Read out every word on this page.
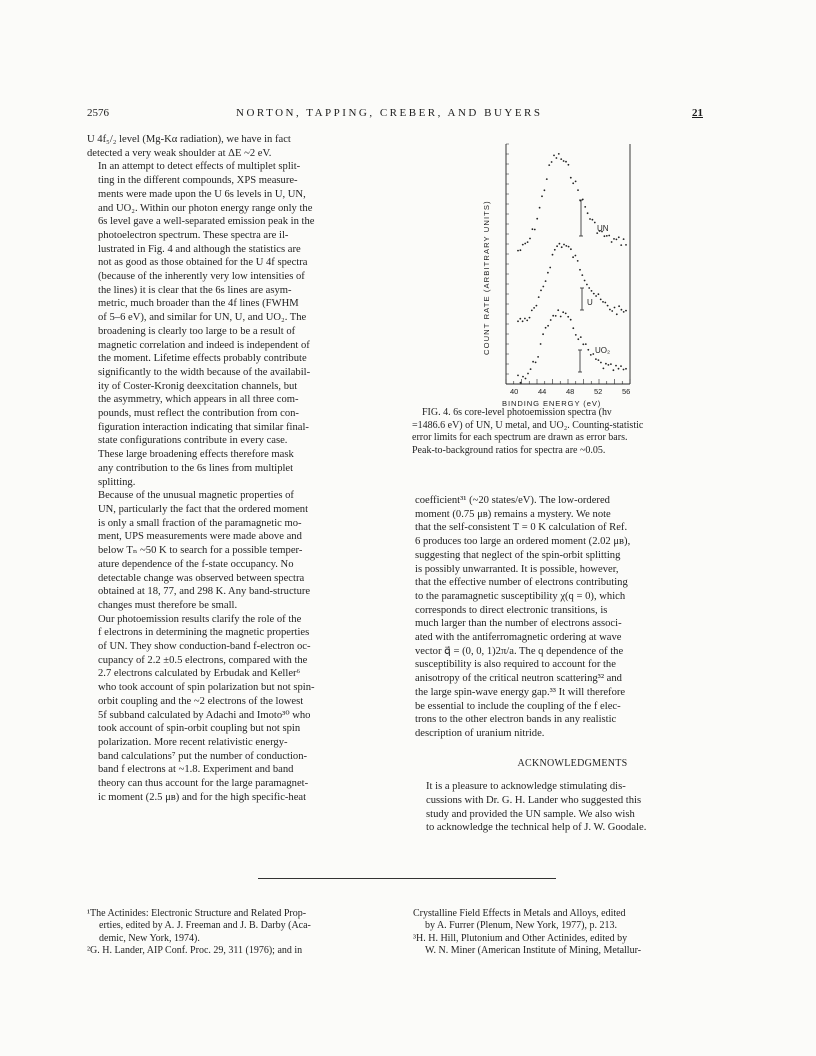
2576	NORTON, TAPPING, CREBER, AND BUYERS	21

U 4f₅/₂ level (Mg-Kα radiation), we have in fact
detected a very weak shoulder at ΔE ~2 eV.

In an attempt to detect effects of multiplet split-
ting in the different compounds, XPS measure-
ments were made upon the U 6s levels in U, UN,
and UO₂. Within our photon energy range only the
6s level gave a well-separated emission peak in the
photoelectron spectrum. These spectra are il-
lustrated in Fig. 4 and although the statistics are
not as good as those obtained for the U 4f spectra
(because of the inherently very low intensities of
the lines) it is clear that the 6s lines are asym-
metric, much broader than the 4f lines (FWHM
of 5–6 eV), and similar for UN, U, and UO₂. The
broadening is clearly too large to be a result of
magnetic correlation and indeed is independent of
the moment. Lifetime effects probably contribute
significantly to the width because of the availabil-
ity of Coster-Kronig deexcitation channels, but
the asymmetry, which appears in all three com-
pounds, must reflect the contribution from con-
figuration interaction indicating that similar final-
state configurations contribute in every case.
These large broadening effects therefore mask
any contribution to the 6s lines from multiplet
splitting.

Because of the unusual magnetic properties of
UN, particularly the fact that the ordered moment
is only a small fraction of the paramagnetic mo-
ment, UPS measurements were made above and
below Tₙ ~50 K to search for a possible temper-
ature dependence of the f-state occupancy. No
detectable change was observed between spectra
obtained at 18, 77, and 298 K. Any band-structure
changes must therefore be small.

Our photoemission results clarify the role of the
f electrons in determining the magnetic properties
of UN. They show conduction-band f-electron oc-
cupancy of 2.2 ±0.5 electrons, compared with the
2.7 electrons calculated by Erbudak and Keller⁶
who took account of spin polarization but not spin-
orbit coupling and the ~2 electrons of the lowest
5f subband calculated by Adachi and Imoto³⁰ who
took account of spin-orbit coupling but not spin
polarization. More recent relativistic energy-
band calculations⁷ put the number of conduction-
band f electrons at ~1.8. Experiment and band
theory can thus account for the large paramagnet-
ic moment (2.5 μʙ) and for the high specific-heat

COUNT RATE (ARBITRARY UNITS)
40	44	48	52	56
BINDING ENERGY (eV)
UN
U
UO₂
FIG. 4. 6s core-level photoemission spectra (hν
=1486.6 eV) of UN, U metal, and UO₂. Counting-statistic
error limits for each spectrum are drawn as error bars.
Peak-to-background ratios for spectra are ~0.05.

coefficient³¹ (~20 states/eV). The low-ordered
moment (0.75 μʙ) remains a mystery. We note
that the self-consistent T = 0 K calculation of Ref.
6 produces too large an ordered moment (2.02 μʙ),
suggesting that neglect of the spin-orbit splitting
is possibly unwarranted. It is possible, however,
that the effective number of electrons contributing
to the paramagnetic susceptibility χ(q = 0), which
corresponds to direct electronic transitions, is
much larger than the number of electrons associ-
ated with the antiferromagnetic ordering at wave
vector q⃗ = (0, 0, 1)2π/a. The q dependence of the
susceptibility is also required to account for the
anisotropy of the critical neutron scattering³² and
the large spin-wave energy gap.³³ It will therefore
be essential to include the coupling of the f elec-
trons to the other electron bands in any realistic
description of uranium nitride.

ACKNOWLEDGMENTS

It is a pleasure to acknowledge stimulating dis-
cussions with Dr. G. H. Lander who suggested this
study and provided the UN sample. We also wish
to acknowledge the technical help of J. W. Goodale.

¹The Actinides: Electronic Structure and Related Prop-
erties, edited by A. J. Freeman and J. B. Darby (Aca-
demic, New York, 1974).

²G. H. Lander, AIP Conf. Proc. 29, 311 (1976); and in

Crystalline Field Effects in Metals and Alloys, edited
by A. Furrer (Plenum, New York, 1977), p. 213.

³H. H. Hill, Plutonium and Other Actinides, edited by
W. N. Miner (American Institute of Mining, Metallur-
